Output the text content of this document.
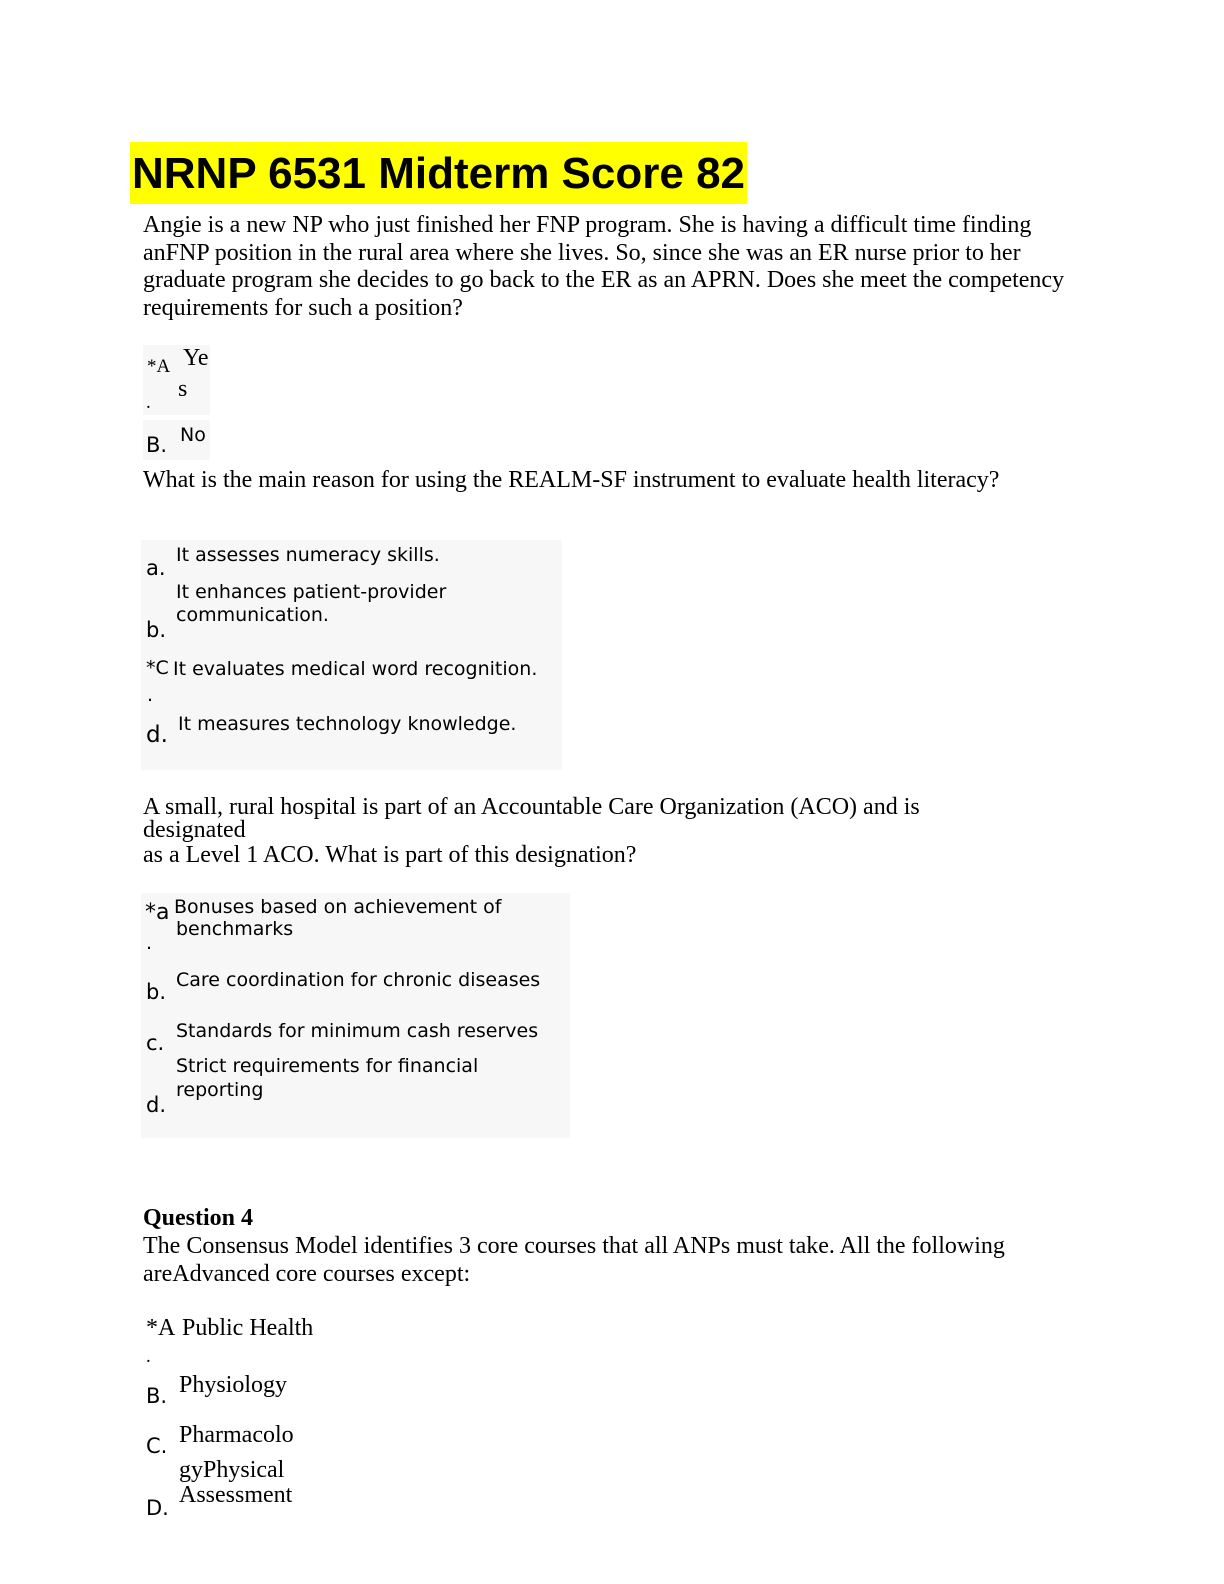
NRNP 6531 Midterm Score 82
Angie is a new NP who just finished her FNP program. She is having a difficult time finding anFNP position in the rural area where she lives. So, since she was an ER nurse prior to her graduate program she decides to go back to the ER as an APRN. Does she meet the competency requirements for such a position?
*A
.
Ye
s
B. No
What is the main reason for using the REALM-SF instrument to evaluate health literacy?
a.
It assesses numeracy skills.
It enhances patient-provider
communication.
b.
*C It evaluates medical word recognition.
.
d. It measures technology knowledge.
A small, rural hospital is part of an Accountable Care Organization (ACO) and is
designated
as a Level 1 ACO. What is part of this designation?
*a Bonuses based on achievement of
benchmarks
.
Care coordination for chronic diseases
b.
Standards for minimum cash reserves
c.
Strict requirements for financial
reporting
d.
Question 4
The Consensus Model identifies 3 core courses that all ANPs must take. All the following areAdvanced core courses except:
*A Public Health
.
B. Physiology
Pharmacolo
C.
gyPhysical
Assessment
D.
